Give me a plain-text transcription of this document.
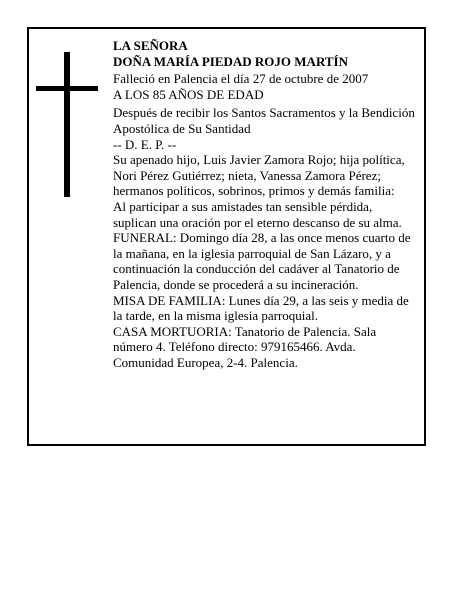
LA SEÑORA

DOÑA MARÍA PIEDAD ROJO MARTÍN

Falleció en Palencia el día 27 de octubre de 2007

A LOS 85 AÑOS DE EDAD

Después de recibir los Santos Sacramentos y la Bendición Apostólica de Su Santidad

-- D. E. P. --

Su apenado hijo, Luis Javier Zamora Rojo; hija política, Nori Pérez Gutiérrez; nieta, Vanessa Zamora Pérez; hermanos políticos, sobrinos, primos y demás familia:

Al participar a sus amistades tan sensible pérdida, suplican una oración por el eterno descanso de su alma.

FUNERAL: Domingo día 28, a las once menos cuarto de la mañana, en la iglesia parroquial de San Lázaro, y a continuación la conducción del cadáver al Tanatorio de Palencia, donde se procederá a su incineración.

MISA DE FAMILIA: Lunes día 29, a las seis y media de la tarde, en la misma iglesia parroquial.

CASA MORTUORIA: Tanatorio de Palencia. Sala número 4. Teléfono directo: 979165466. Avda. Comunidad Europea, 2-4. Palencia.
